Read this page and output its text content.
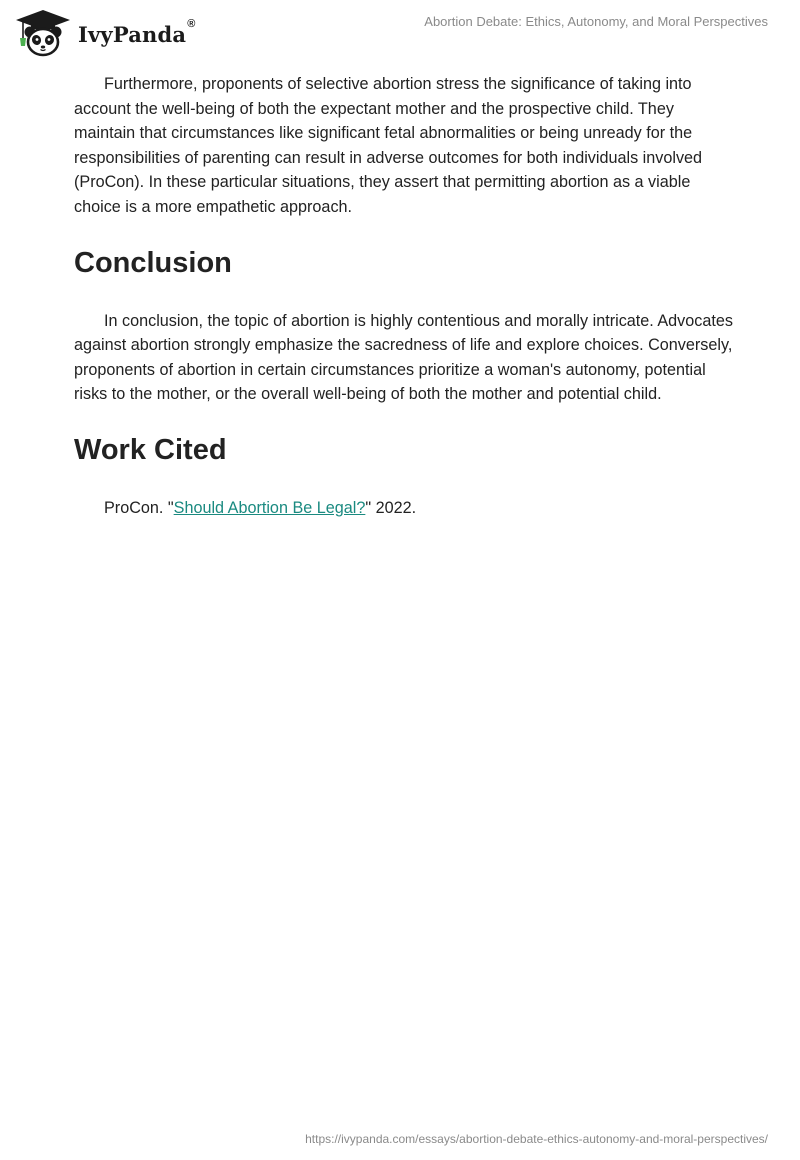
IvyPanda ®	Abortion Debate: Ethics, Autonomy, and Moral Perspectives

Furthermore, proponents of selective abortion stress the significance of taking into account the well-being of both the expectant mother and the prospective child. They maintain that circumstances like significant fetal abnormalities or being unready for the responsibilities of parenting can result in adverse outcomes for both individuals involved (ProCon). In these particular situations, they assert that permitting abortion as a viable choice is a more empathetic approach.

Conclusion

In conclusion, the topic of abortion is highly contentious and morally intricate. Advocates against abortion strongly emphasize the sacredness of life and explore choices. Conversely, proponents of abortion in certain circumstances prioritize a woman's autonomy, potential risks to the mother, or the overall well-being of both the mother and potential child.

Work Cited

ProCon. "Should Abortion Be Legal?" 2022.

https://ivypanda.com/essays/abortion-debate-ethics-autonomy-and-moral-perspectives/
